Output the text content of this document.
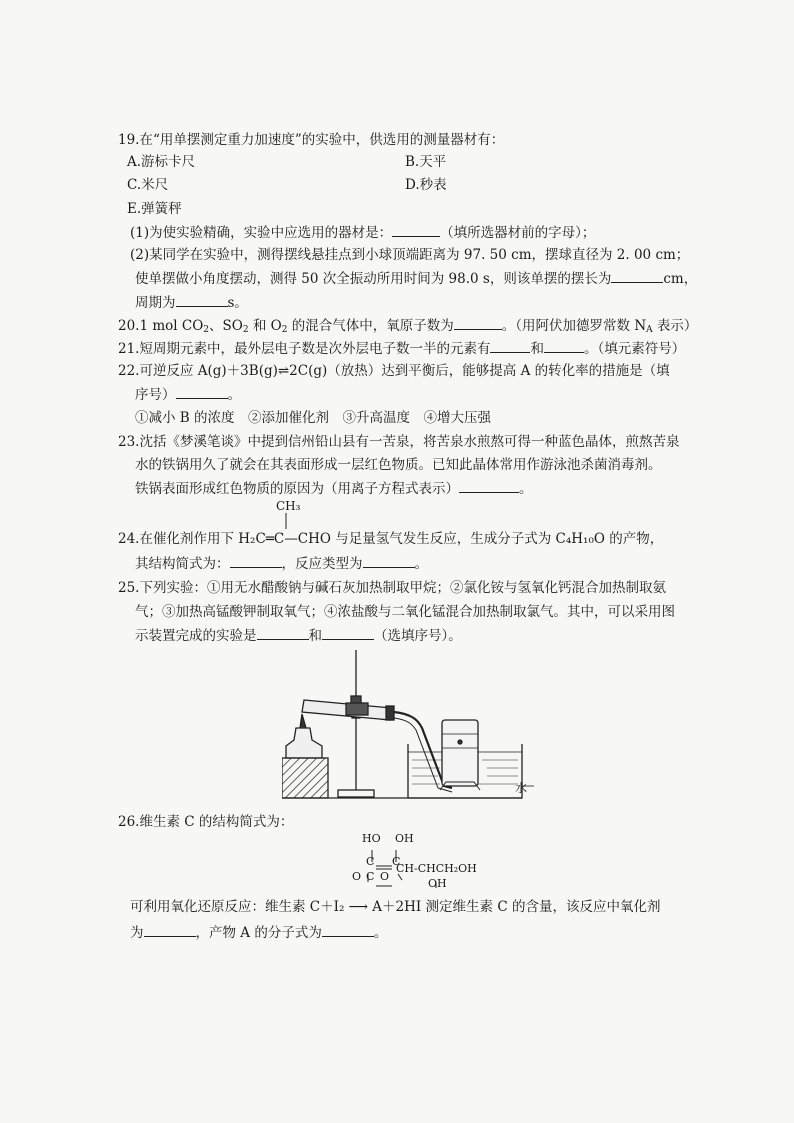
19.在“用单摆测定重力加速度”的实验中，供选用的测量器材有：
A.游标卡尺	B.天平
C.米尺	D.秒表
E.弹簧秤
(1)为使实验精确，实验中应选用的器材是：	（填所选器材前的字母）；
(2)某同学在实验中，测得摆线悬挂点到小球顶端距离为 97. 50 cm，摆球直径为 2. 00 cm；
使单摆做小角度摆动，测得 50 次全振动所用时间为 98.0 s，则该单摆的摆长为	cm，
周期为	s。
20.1 mol $CO_2$、$SO_2$ 和 $O_2$ 的混合气体中，氧原子数为	。（用阿伏加德罗常数 $N_A$ 表示）
21.短周期元素中，最外层电子数是次外层电子数一半的元素有	和	。（填元素符号）
22.可逆反应 A(g)＋3B(g)⇌2C(g)（放热）达到平衡后，能够提高 A 的转化率的措施是（填
序号）	。
①减小 B 的浓度　②添加催化剂　③升高温度　④增大压强
23.沈括《梦溪笔谈》中提到信州铅山县有一苦泉，将苦泉水煎熬可得一种蓝色晶体，煎熬苦泉
水的铁锅用久了就会在其表面形成一层红色物质。已知此晶体常用作游泳池杀菌消毒剂。
铁锅表面形成红色物质的原因为（用离子方程式表示）	。
CH₃
24.在催化剂作用下 H₂C═C—CHO 与足量氢气发生反应，生成分子式为 C₄H₁₀O 的产物，
其结构简式为：	，反应类型为	。
25.下列实验：①用无水醋酸钠与碱石灰加热制取甲烷；②氯化铵与氢氧化钙混合加热制取氨
气；③加热高锰酸钾制取氧气；④浓盐酸与二氧化锰混合加热制取氯气。其中，可以采用图
示装置完成的实验是	和	（选填序号）。
水
26.维生素 C 的结构简式为：
HO OH
C C
O C O
CH-CHCH₂OH
OH
可利用氧化还原反应：维生素 C＋I₂ ⟶ A＋2HI 测定维生素 C 的含量，该反应中氧化剂
为	，产物 A 的分子式为	。
